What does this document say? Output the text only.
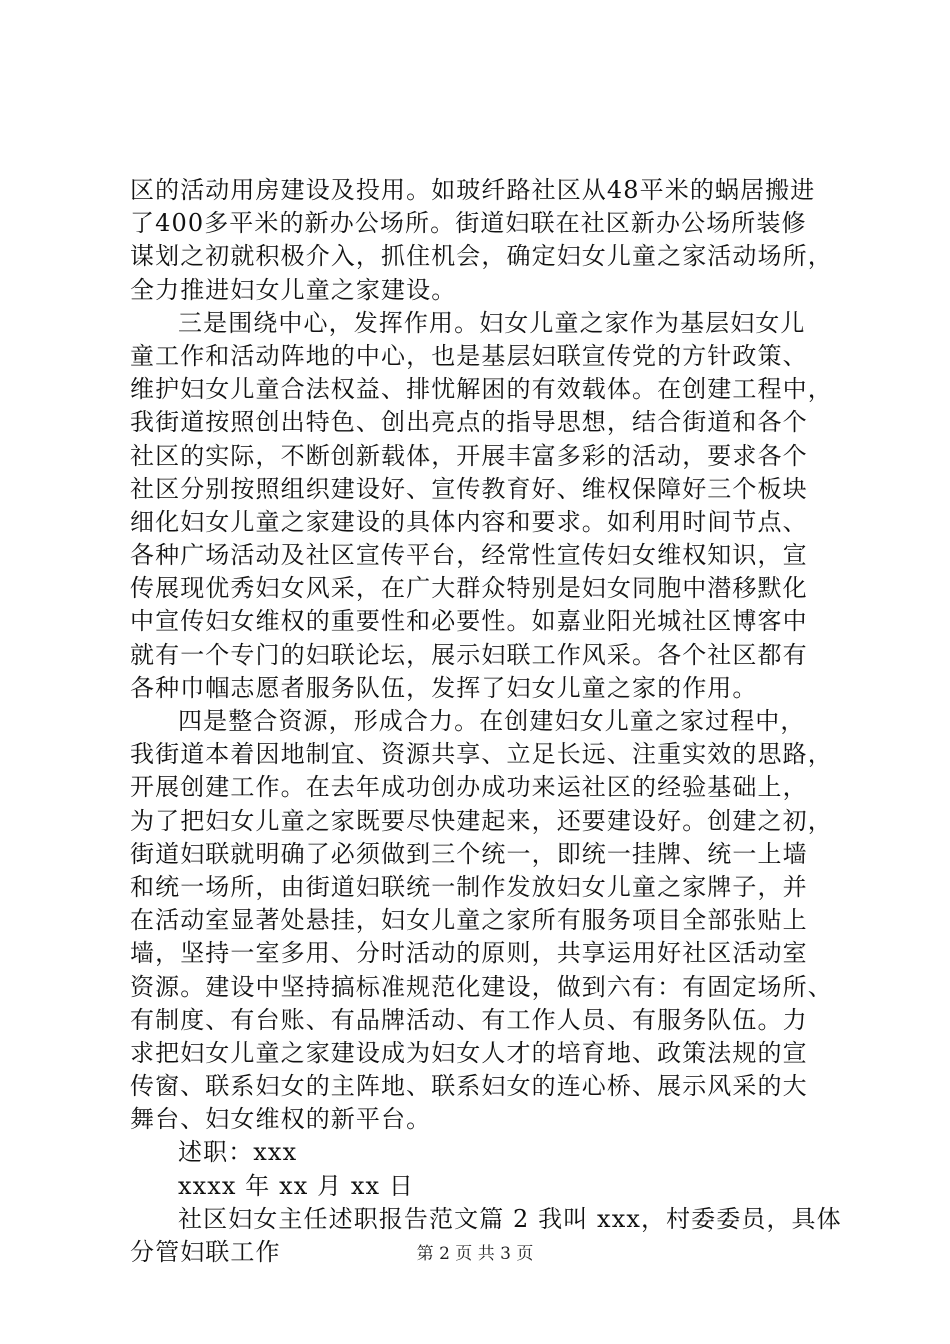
区的活动用房建设及投用。如玻纤路社区从48平米的蜗居搬进
了400多平米的新办公场所。街道妇联在社区新办公场所装修
谋划之初就积极介入，抓住机会，确定妇女儿童之家活动场所，
全力推进妇女儿童之家建设。
三是围绕中心，发挥作用。妇女儿童之家作为基层妇女儿
童工作和活动阵地的中心，也是基层妇联宣传党的方针政策、
维护妇女儿童合法权益、排忧解困的有效载体。在创建工程中，
我街道按照创出特色、创出亮点的指导思想，结合街道和各个
社区的实际，不断创新载体，开展丰富多彩的活动，要求各个
社区分别按照组织建设好、宣传教育好、维权保障好三个板块
细化妇女儿童之家建设的具体内容和要求。如利用时间节点、
各种广场活动及社区宣传平台，经常性宣传妇女维权知识，宣
传展现优秀妇女风采，在广大群众特别是妇女同胞中潜移默化
中宣传妇女维权的重要性和必要性。如嘉业阳光城社区博客中
就有一个专门的妇联论坛，展示妇联工作风采。各个社区都有
各种巾帼志愿者服务队伍，发挥了妇女儿童之家的作用。
四是整合资源，形成合力。在创建妇女儿童之家过程中，
我街道本着因地制宜、资源共享、立足长远、注重实效的思路，
开展创建工作。在去年成功创办成功来运社区的经验基础上，
为了把妇女儿童之家既要尽快建起来，还要建设好。创建之初，
街道妇联就明确了必须做到三个统一，即统一挂牌、统一上墙
和统一场所，由街道妇联统一制作发放妇女儿童之家牌子，并
在活动室显著处悬挂，妇女儿童之家所有服务项目全部张贴上
墙，坚持一室多用、分时活动的原则，共享运用好社区活动室
资源。建设中坚持搞标准规范化建设，做到六有：有固定场所、
有制度、有台账、有品牌活动、有工作人员、有服务队伍。力
求把妇女儿童之家建设成为妇女人才的培育地、政策法规的宣
传窗、联系妇女的主阵地、联系妇女的连心桥、展示风采的大
舞台、妇女维权的新平台。
述职：xxx
xxxx 年 xx 月 xx 日
社区妇女主任述职报告范文篇 2 我叫 xxx，村委委员，具体
分管妇联工作	第 2 页 共 3 页
